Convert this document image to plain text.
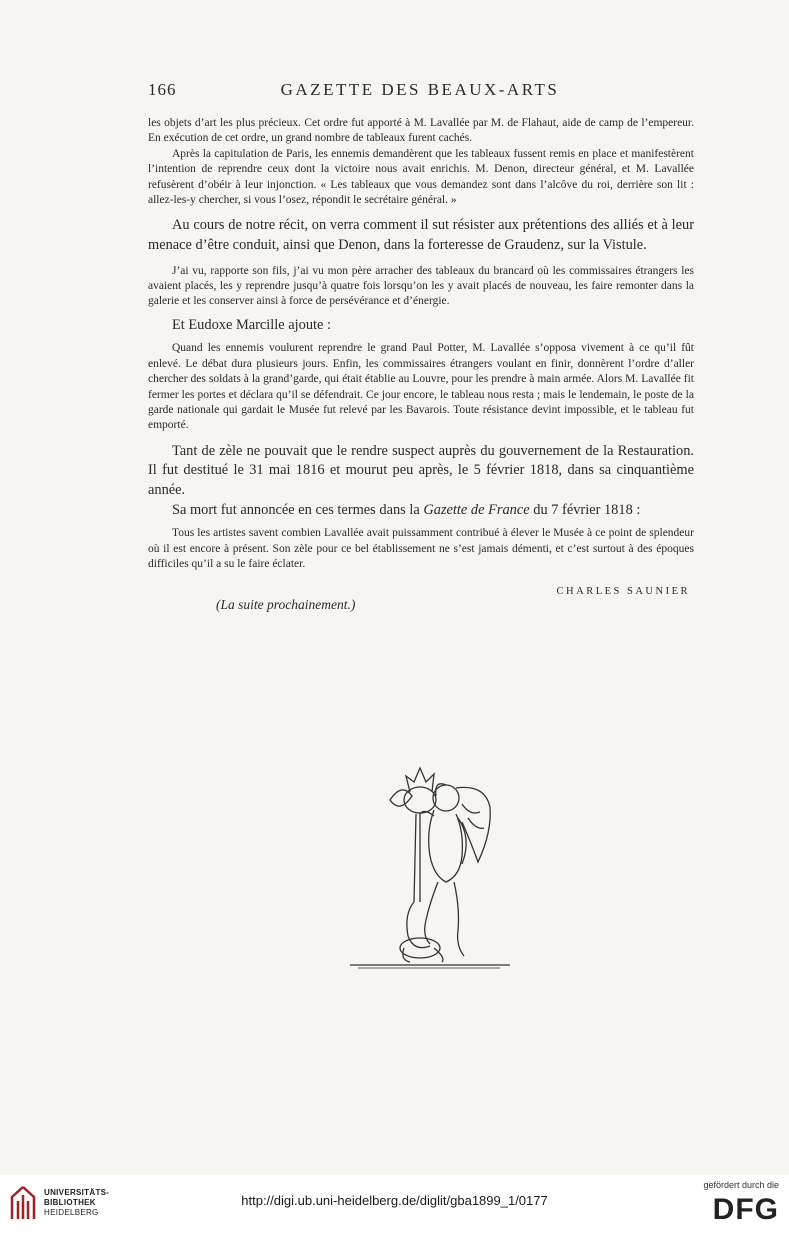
166	GAZETTE DES BEAUX-ARTS

les objets d’art les plus précieux. Cet ordre fut apporté à M. Lavallée par M. de Flahaut, aide de camp de l’empereur. En exécution de cet ordre, un grand nombre de tableaux furent cachés.

Après la capitulation de Paris, les ennemis demandèrent que les tableaux fussent remis en place et manifestèrent l’intention de reprendre ceux dont la victoire nous avait enrichis. M. Denon, directeur général, et M. Lavallée refusèrent d’obéir à leur injonction. « Les tableaux que vous demandez sont dans l’alcôve du roi, derrière son lit : allez-les-y chercher, si vous l’osez, répondit le secrétaire général. »

Au cours de notre récit, on verra comment il sut résister aux prétentions des alliés et à leur menace d’être conduit, ainsi que Denon, dans la forteresse de Graudenz, sur la Vistule.

J’ai vu, rapporte son fils, j’ai vu mon père arracher des tableaux du brancard où les commissaires étrangers les avaient placés, les y reprendre jusqu’à quatre fois lorsqu’on les y avait placés de nouveau, les faire remonter dans la galerie et les conserver ainsi à force de persévérance et d’énergie.

Et Eudoxe Marcille ajoute :

Quand les ennemis voulurent reprendre le grand Paul Potter, M. Lavallée s’opposa vivement à ce qu’il fût enlevé. Le débat dura plusieurs jours. Enfin, les commissaires étrangers voulant en finir, donnèrent l’ordre d’aller chercher des soldats à la grand’garde, qui était établie au Louvre, pour les prendre à main armée. Alors M. Lavallée fit fermer les portes et déclara qu’il se défendrait. Ce jour encore, le tableau nous resta ; mais le lendemain, le poste de la garde nationale qui gardait le Musée fut relevé par les Bavarois. Toute résistance devint impossible, et le tableau fut emporté.

Tant de zèle ne pouvait que le rendre suspect auprès du gouvernement de la Restauration. Il fut destitué le 31 mai 1816 et mourut peu après, le 5 février 1818, dans sa cinquantième année.

Sa mort fut annoncée en ces termes dans la Gazette de France du 7 février 1818 :

Tous les artistes savent combien Lavallée avait puissamment contribué à élever le Musée à ce point de splendeur où il est encore à présent. Son zèle pour ce bel établissement ne s’est jamais démenti, et c’est surtout à des époques difficiles qu’il a su le faire éclater.

CHARLES SAUNIER
(La suite prochainement.)
UNIVERSITÄTS-
BIBLIOTHEK
HEIDELBERG
http://digi.ub.uni-heidelberg.de/diglit/gba1899_1/0177
gefördert durch die
DFG
